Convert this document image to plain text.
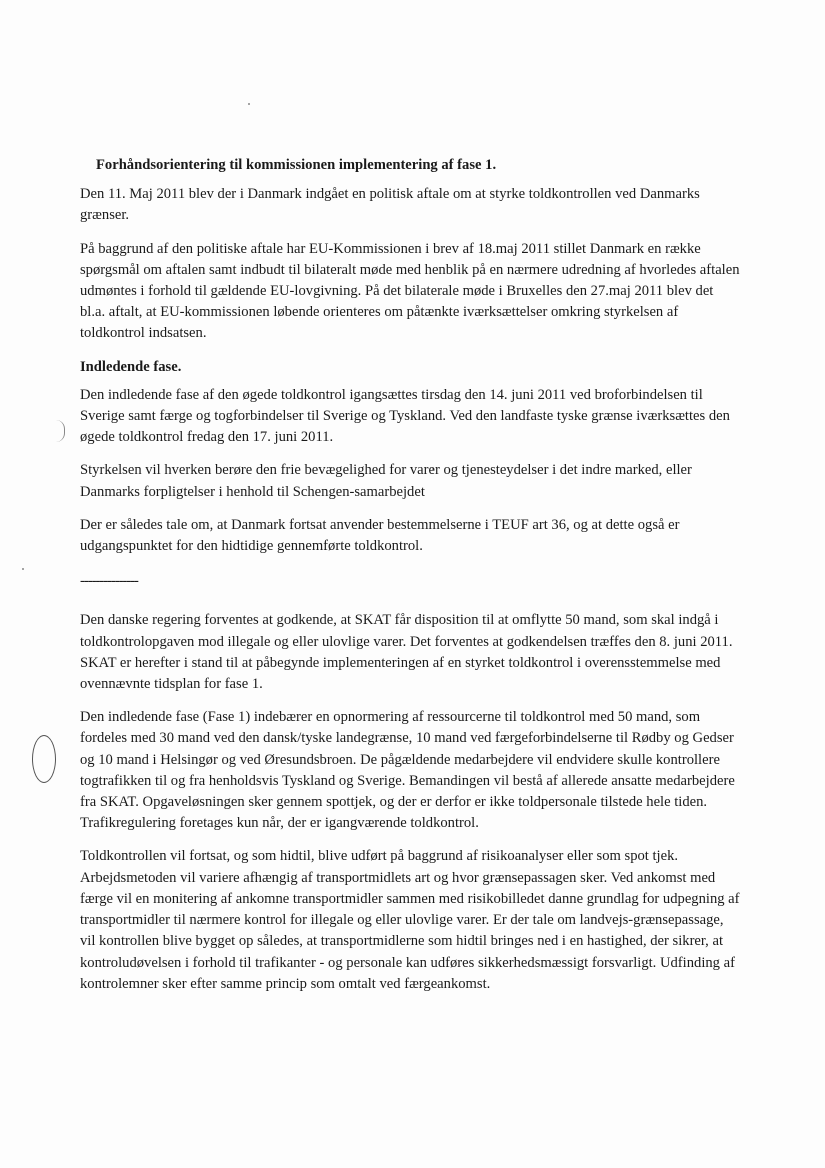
Forhåndsorientering til kommissionen implementering af fase 1.

Den 11. Maj 2011 blev der i Danmark indgået en politisk aftale om at styrke toldkontrollen ved Danmarks grænser.

På baggrund af den politiske aftale har EU-Kommissionen i brev af 18.maj 2011 stillet Danmark en række spørgsmål om aftalen samt indbudt til bilateralt møde med henblik på en nærmere udredning af hvorledes aftalen udmøntes i forhold til gældende EU-lovgivning. På det bilaterale møde i Bruxelles den 27.maj 2011 blev det bl.a. aftalt, at EU-kommissionen løbende orienteres om påtænkte iværksættelser omkring styrkelsen af toldkontrol indsatsen.

Indledende fase.

Den indledende fase af den øgede toldkontrol igangsættes tirsdag den 14. juni 2011 ved broforbindelsen til Sverige samt færge og togforbindelser til Sverige og Tyskland. Ved den landfaste tyske grænse iværksættes den øgede toldkontrol fredag den 17. juni 2011.

Styrkelsen vil hverken berøre den frie bevægelighed for varer og tjenesteydelser i det indre marked, eller Danmarks forpligtelser i henhold til Schengen-samarbejdet

Der er således tale om, at Danmark fortsat anvender bestemmelserne i TEUF art 36, og at dette også er udgangspunktet for den hidtidige gennemførte toldkontrol.

---------------

Den danske regering forventes at godkende, at SKAT får disposition til at omflytte 50 mand, som skal indgå i toldkontrolopgaven mod illegale og eller ulovlige varer. Det forventes at godkendelsen træffes den 8. juni 2011. SKAT er herefter i stand til at påbegynde implementeringen af en styrket toldkontrol i overensstemmelse med ovennævnte tidsplan for fase 1.

Den indledende fase (Fase 1) indebærer en opnormering af ressourcerne til toldkontrol med 50 mand, som fordeles med 30 mand ved den dansk/tyske landegrænse, 10 mand ved færgeforbindelserne til Rødby og Gedser og 10 mand i Helsingør og ved Øresundsbroen. De pågældende medarbejdere vil endvidere skulle kontrollere togtrafikken til og fra henholdsvis Tyskland og Sverige. Bemandingen vil bestå af allerede ansatte medarbejdere fra SKAT. Opgaveløsningen sker gennem spottjek, og der er derfor er ikke toldpersonale tilstede hele tiden. Trafikregulering foretages kun når, der er igangværende toldkontrol.

Toldkontrollen vil fortsat, og som hidtil, blive udført på baggrund af risikoanalyser eller som spot tjek. Arbejdsmetoden vil variere afhængig af transportmidlets art og hvor grænsepassagen sker. Ved ankomst med færge vil en monitering af ankomne transportmidler sammen med risikobilledet danne grundlag for udpegning af transportmidler til nærmere kontrol for illegale og eller ulovlige varer. Er der tale om landvejs-grænsepassage, vil kontrollen blive bygget op således, at transportmidlerne som hidtil bringes ned i en hastighed, der sikrer, at kontroludøvelsen i forhold til trafikanter - og personale kan udføres sikkerhedsmæssigt forsvarligt. Udfinding af kontrolemner sker efter samme princip som omtalt ved færgeankomst.
